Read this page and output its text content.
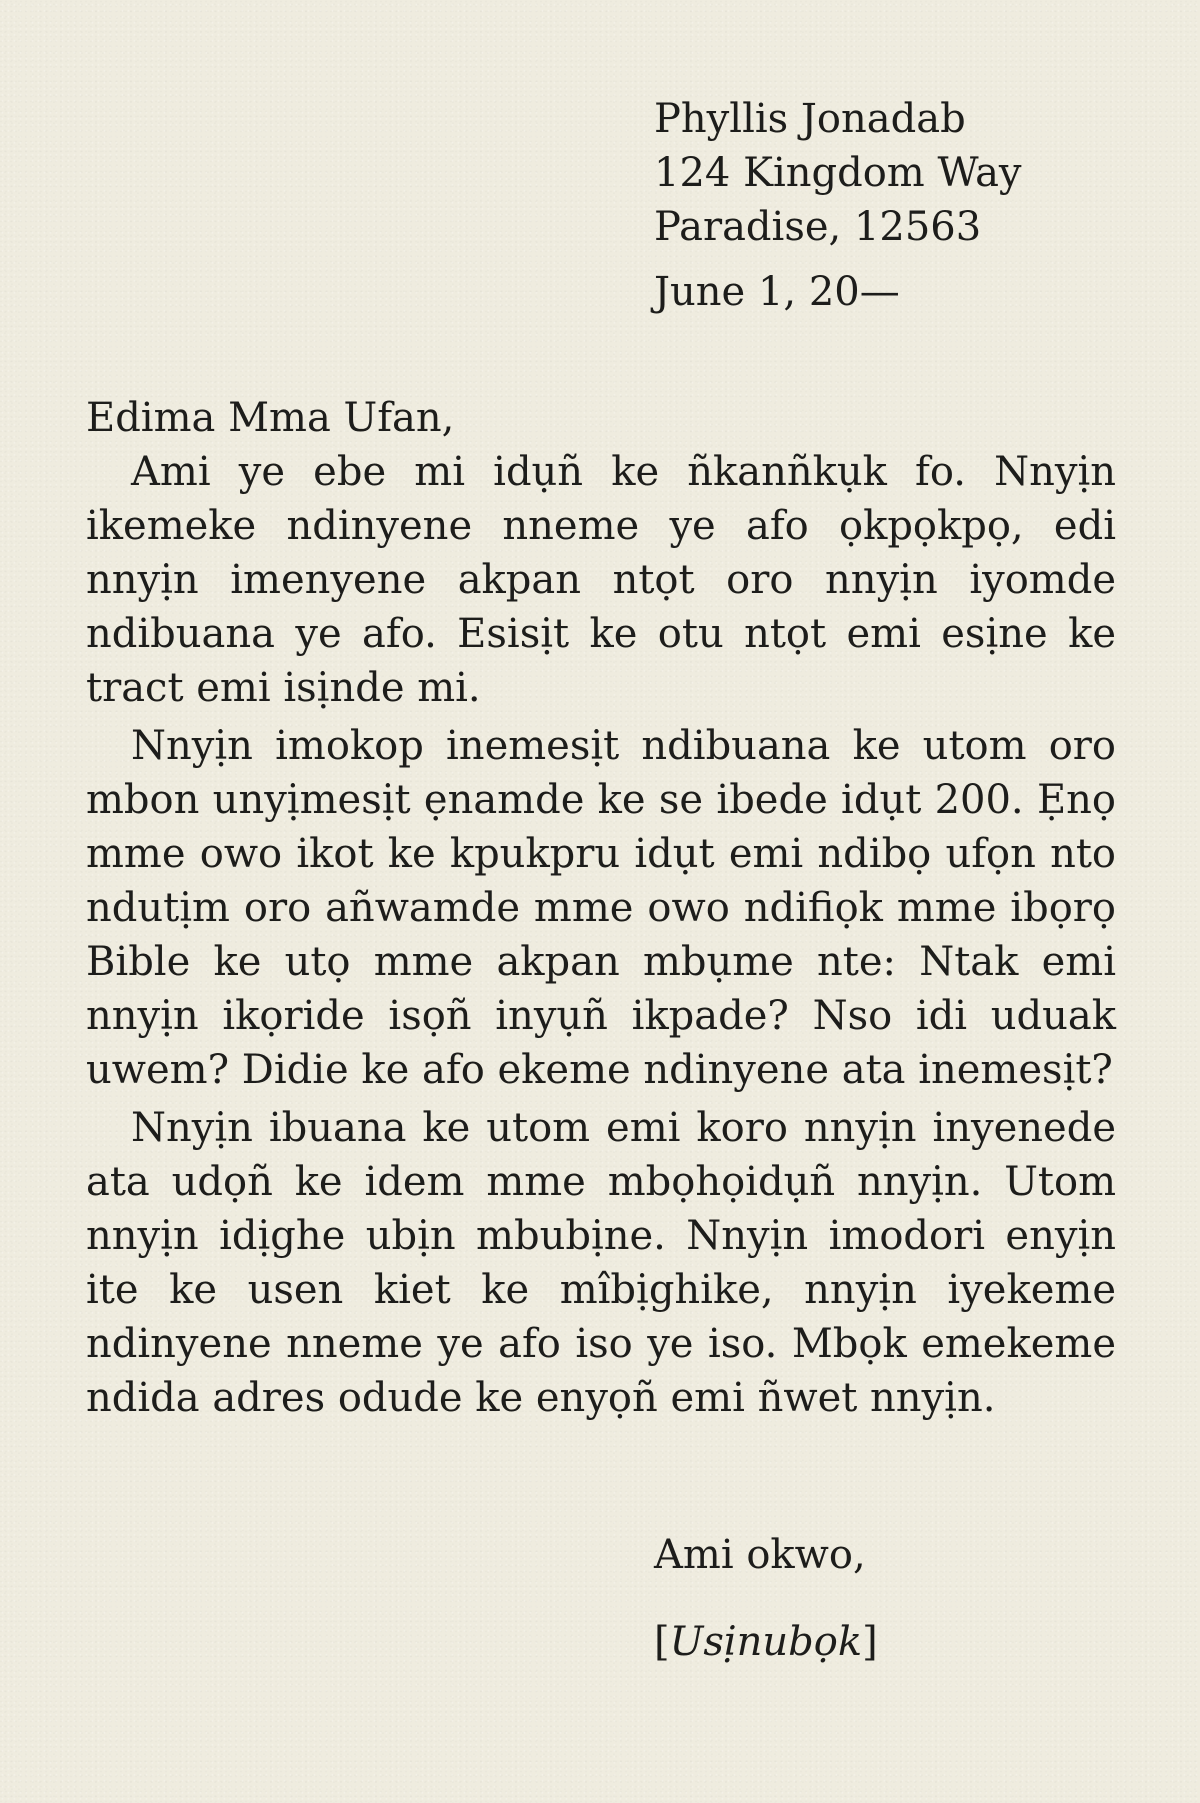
Phyllis Jonadab
124 Kingdom Way
Paradise, 12563

June 1, 20—

Edima Mma Ufan,

Ami ye ebe mi idụñ ke ñkanñkụk fo. Nnyịn ikemeke ndinyene nneme ye afo ọkpọkpọ, edi nnyịn imenyene akpan ntọt oro nnyịn iyomde ndibuana ye afo. Esisịt ke otu ntọt emi esịne ke tract emi isịnde mi.

Nnyịn imokop inemesịt ndibuana ke utom oro mbon unyịmesịt ẹnamde ke se ibede idụt 200. Ẹnọ mme owo ikot ke kpukpru idụt emi ndibọ ufọn nto ndutịm oro añwamde mme owo ndifiọk mme ibọrọ Bible ke utọ mme akpan mbụme nte: Ntak emi nnyịn ikọride isọñ inyụñ ikpade? Nso idi uduak uwem? Didie ke afo ekeme ndinyene ata inemesịt?

Nnyịn ibuana ke utom emi koro nnyịn inyenede ata udọñ ke idem mme mbọhọidụñ nnyịn. Utom nnyịn idịghe ubịn mbubịne. Nnyịn imodori enyịn ite ke usen kiet ke mîbịghike, nnyịn iyekeme ndinyene nneme ye afo iso ye iso. Mbọk emekeme ndida adres odude ke enyọñ emi ñwet nnyịn.

Ami okwo,

[Usịnubọk]
